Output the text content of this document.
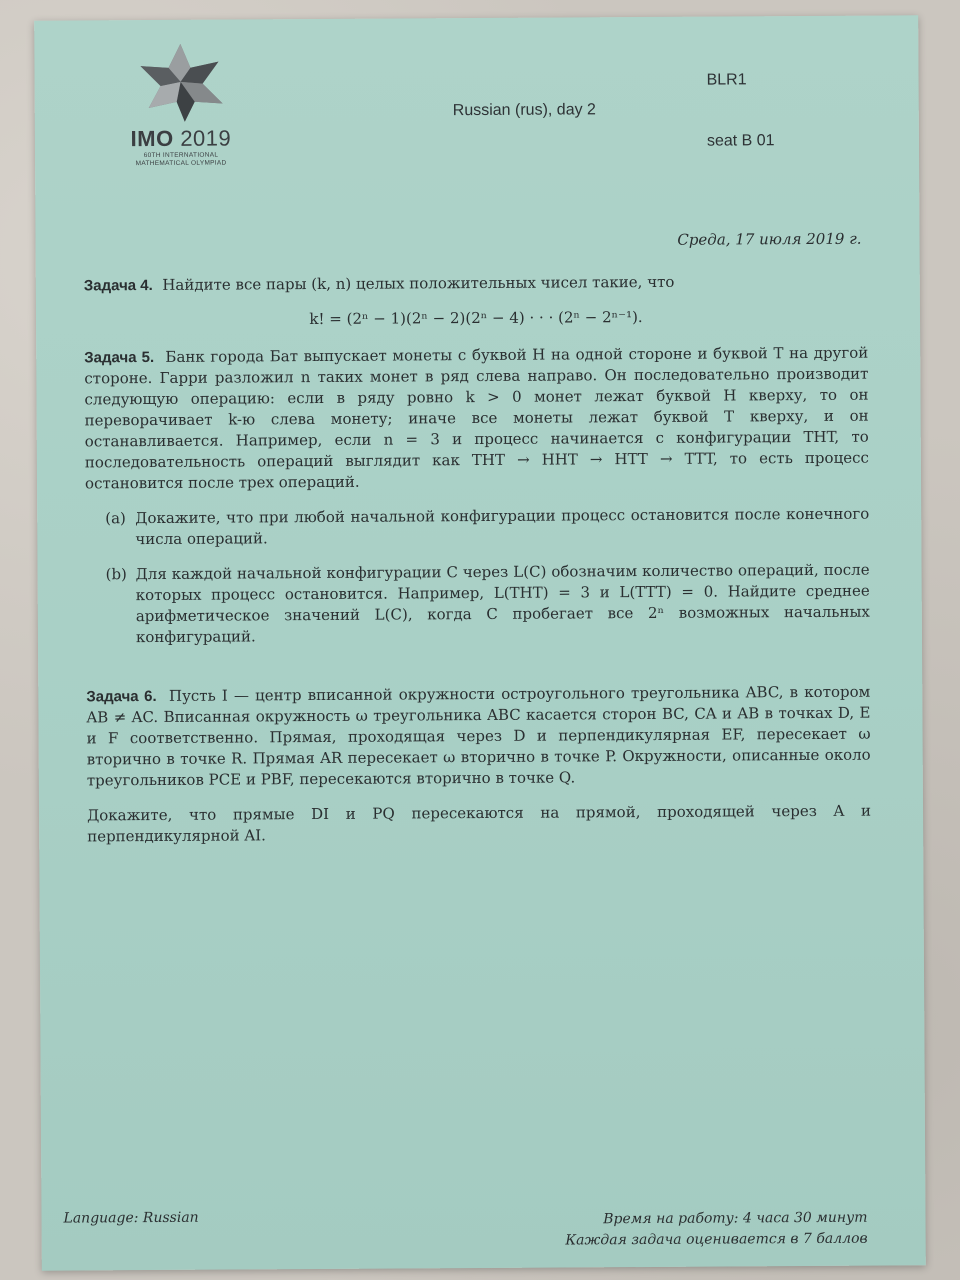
IMO 2019
60TH INTERNATIONAL
MATHEMATICAL OLYMPIAD
BLR1
Russian (rus), day 2
seat B 01
Среда, 17 июля 2019 г.

Задача 4. Найдите все пары (k, n) целых положительных чисел такие, что

k! = (2ⁿ − 1)(2ⁿ − 2)(2ⁿ − 4) · · · (2ⁿ − 2ⁿ⁻¹).

Задача 5. Банк города Бат выпускает монеты с буквой H на одной стороне и буквой T на другой стороне. Гарри разложил n таких монет в ряд слева направо. Он последовательно производит следующую операцию: если в ряду ровно k > 0 монет лежат буквой H кверху, то он переворачивает k-ю слева монету; иначе все монеты лежат буквой T кверху, и он останавливается. Например, если n = 3 и процесс начинается с конфигурации THT, то последовательность операций выглядит как THT → HHT → HTT → TTT, то есть процесс остановится после трех операций.

(a) Докажите, что при любой начальной конфигурации процесс остановится после конечного числа операций.
(b) Для каждой начальной конфигурации C через L(C) обозначим количество операций, после которых процесс остановится. Например, L(THT) = 3 и L(TTT) = 0. Найдите среднее арифметическое значений L(C), когда C пробегает все 2ⁿ возможных начальных конфигураций.

Задача 6. Пусть I — центр вписанной окружности остроугольного треугольника ABC, в котором AB ≠ AC. Вписанная окружность ω треугольника ABC касается сторон BC, CA и AB в точках D, E и F соответственно. Прямая, проходящая через D и перпендикулярная EF, пересекает ω вторично в точке R. Прямая AR пересекает ω вторично в точке P. Окружности, описанные около треугольников PCE и PBF, пересекаются вторично в точке Q.

Докажите, что прямые DI и PQ пересекаются на прямой, проходящей через A и перпендикулярной AI.

Language: Russian	Время на работу: 4 часа 30 минут
Каждая задача оценивается в 7 баллов
